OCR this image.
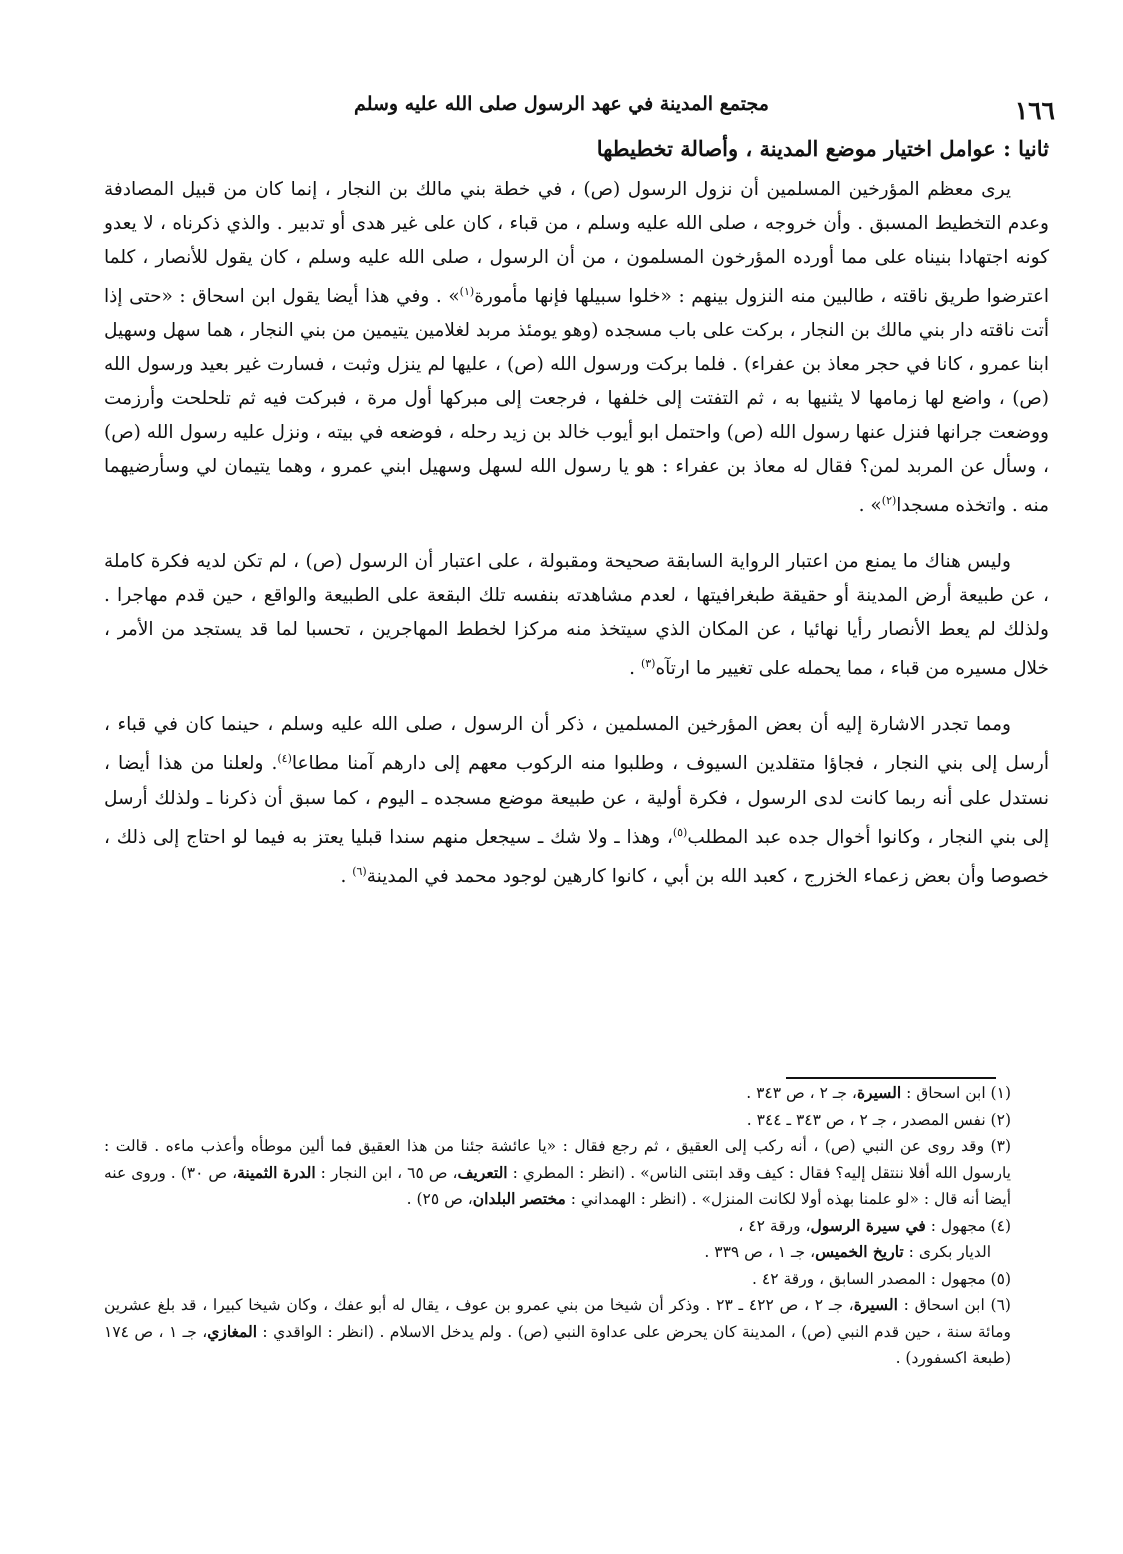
١٦٦
مجتمع المدينة في عهد الرسول صلى الله عليه وسلم
ثانيا : عوامل اختيار موضع المدينة ، وأصالة تخطيطها

يرى معظم المؤرخين المسلمين أن نزول الرسول (ص) ، في خطة بني مالك بن النجار ، إنما كان من قبيل المصادفة وعدم التخطيط المسبق . وأن خروجه ، صلى الله عليه وسلم ، من قباء ، كان على غير هدى أو تدبير . والذي ذكرناه ، لا يعدو كونه اجتهادا بنيناه على مما أورده المؤرخون المسلمون ، من أن الرسول ، صلى الله عليه وسلم ، كان يقول للأنصار ، كلما اعترضوا طريق ناقته ، طالبين منه النزول بينهم : «خلوا سبيلها فإنها مأمورة$^{(١)}$» . وفي هذا أيضا يقول ابن اسحاق : «حتى إذا أتت ناقته دار بني مالك بن النجار ، بركت على باب مسجده (وهو يومئذ مربد لغلامين يتيمين من بني النجار ، هما سهل وسهيل ابنا عمرو ، كانا في حجر معاذ بن عفراء) . فلما بركت ورسول الله (ص) ، عليها لم ينزل وثبت ، فسارت غير بعيد ورسول الله (ص) ، واضع لها زمامها لا يثنيها به ، ثم التفتت إلى خلفها ، فرجعت إلى مبركها أول مرة ، فبركت فيه ثم تلحلحت وأرزمت ووضعت جرانها فنزل عنها رسول الله (ص) واحتمل ابو أيوب خالد بن زيد رحله ، فوضعه في بيته ، ونزل عليه رسول الله (ص) ، وسأل عن المربد لمن؟ فقال له معاذ بن عفراء : هو يا رسول الله لسهل وسهيل ابني عمرو ، وهما يتيمان لي وسأرضيهما منه . واتخذه مسجدا$^{(٢)}$» .

وليس هناك ما يمنع من اعتبار الرواية السابقة صحيحة ومقبولة ، على اعتبار أن الرسول (ص) ، لم تكن لديه فكرة كاملة ، عن طبيعة أرض المدينة أو حقيقة طبغرافيتها ، لعدم مشاهدته بنفسه تلك البقعة على الطبيعة والواقع ، حين قدم مهاجرا . ولذلك لم يعط الأنصار رأيا نهائيا ، عن المكان الذي سيتخذ منه مركزا لخطط المهاجرين ، تحسبا لما قد يستجد من الأمر ، خلال مسيره من قباء ، مما يحمله على تغيير ما ارتآه$^{(٣)}$ .

ومما تجدر الاشارة إليه أن بعض المؤرخين المسلمين ، ذكر أن الرسول ، صلى الله عليه وسلم ، حينما كان في قباء ، أرسل إلى بني النجار ، فجاؤا متقلدين السيوف ، وطلبوا منه الركوب معهم إلى دارهم آمنا مطاعا$^{(٤)}$. ولعلنا من هذا أيضا ، نستدل على أنه ربما كانت لدى الرسول ، فكرة أولية ، عن طبيعة موضع مسجده ـ اليوم ، كما سبق أن ذكرنا ـ ولذلك أرسل إلى بني النجار ، وكانوا أخوال جده عبد المطلب$^{(٥)}$، وهذا ـ ولا شك ـ سيجعل منهم سندا قبليا يعتز به فيما لو احتاج إلى ذلك ، خصوصا وأن بعض زعماء الخزرج ، كعبد الله بن أبي ، كانوا كارهين لوجود محمد في المدينة$^{(٦)}$ .

(١) ابن اسحاق : السيرة، جـ ٢ ، ص ٣٤٣ .

(٢) نفس المصدر ، جـ ٢ ، ص ٣٤٣ ـ ٣٤٤ .

(٣) وقد روى عن النبي (ص) ، أنه ركب إلى العقيق ، ثم رجع فقال : «يا عائشة جئنا من هذا العقيق فما ألين موطأه وأعذب ماءه . قالت : يارسول الله أفلا ننتقل إليه؟ فقال : كيف وقد ابتنى الناس» . (انظر : المطري : التعريف، ص ٦٥ ، ابن النجار : الدرة الثمينة، ص ٣٠) . وروى عنه أيضا أنه قال : «لو علمنا بهذه أولا لكانت المنزل» . (انظر : الهمداني : مختصر البلدان، ص ٢٥) .

(٤) مجهول : في سيرة الرسول، ورقة ٤٢ ،

الديار بكرى : تاريخ الخميس، جـ ١ ، ص ٣٣٩ .

(٥) مجهول : المصدر السابق ، ورقة ٤٢ .

(٦) ابن اسحاق : السيرة، جـ ٢ ، ص ٤٢٢ ـ ٢٣ . وذكر أن شيخا من بني عمرو بن عوف ، يقال له أبو عفك ، وكان شيخا كبيرا ، قد بلغ عشرين ومائة سنة ، حين قدم النبي (ص) ، المدينة كان يحرض على عداوة النبي (ص) . ولم يدخل الاسلام . (انظر : الواقدي : المغازي، جـ ١ ، ص ١٧٤ (طبعة اكسفورد) .
